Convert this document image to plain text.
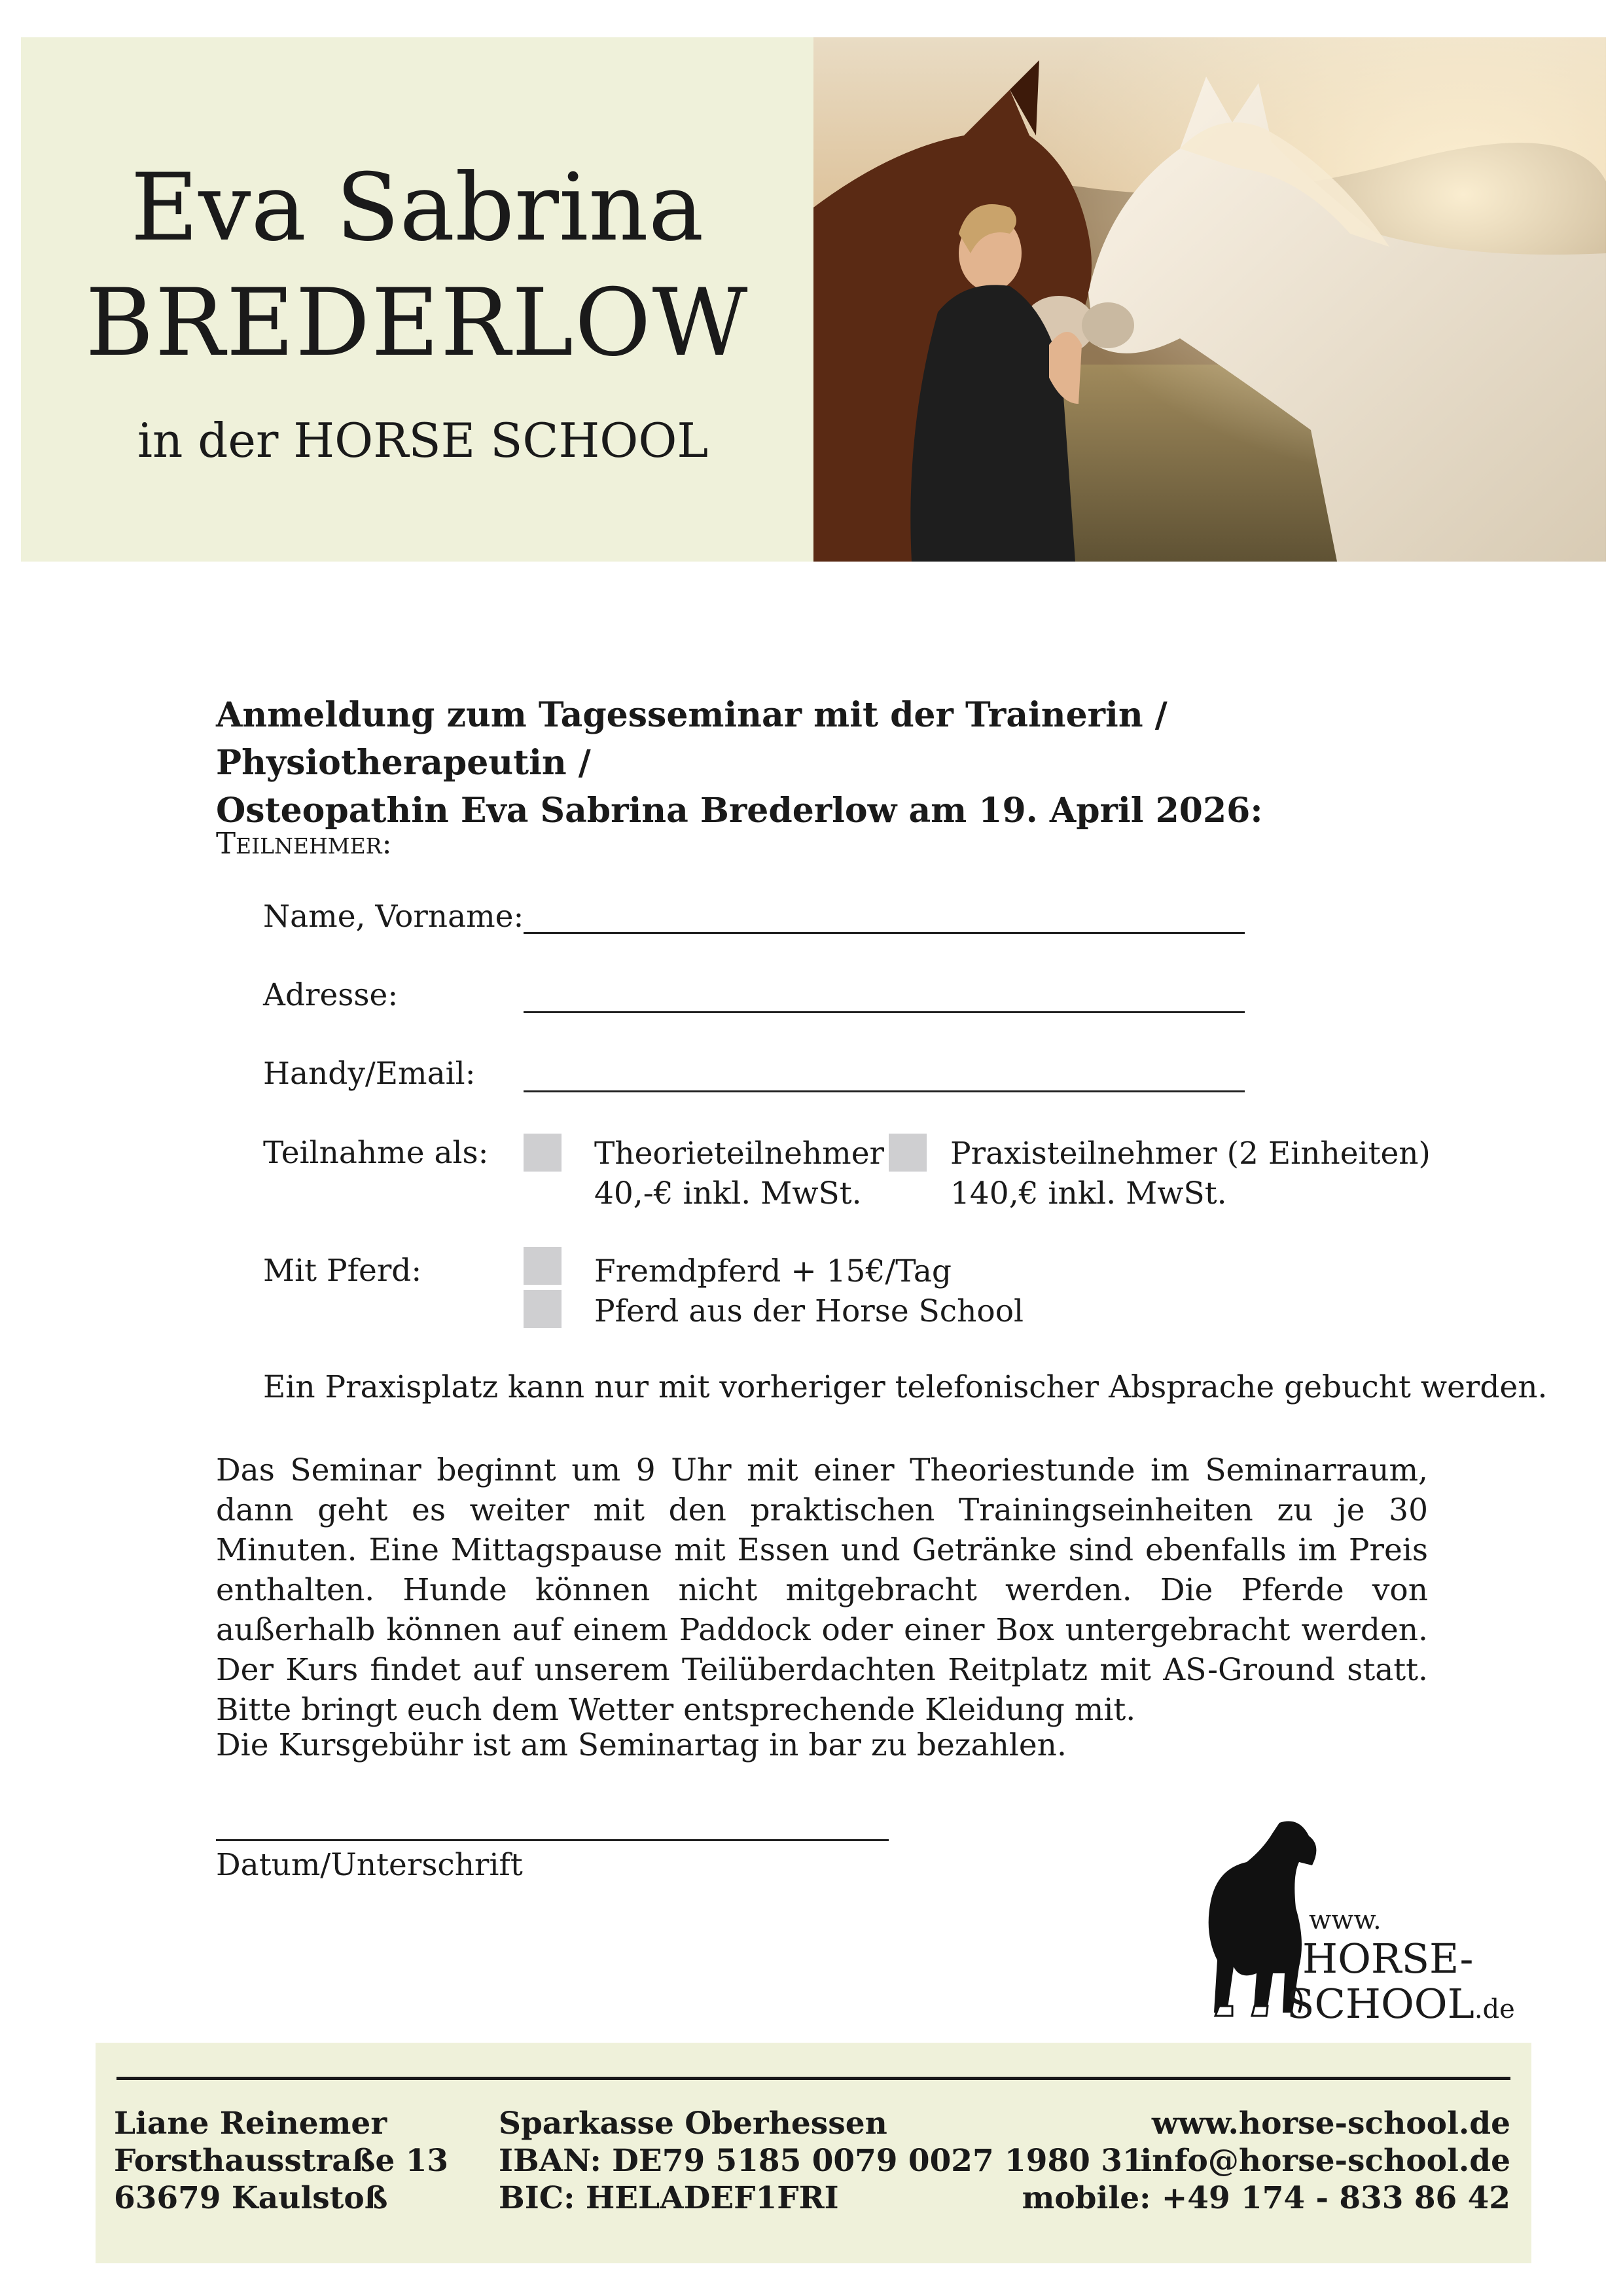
Eva Sabrina
BREDERLOW
in der HORSE SCHOOL
Anmeldung zum Tagesseminar mit der Trainerin / Physiotherapeutin /
Osteopathin Eva Sabrina Brederlow am 19. April 2026:
TEILNEHMER:
Name, Vorname:
Adresse:
Handy/Email:
Teilnahme als:	Theorieteilnehmer
40,-€ inkl. MwSt.
Praxisteilnehmer (2 Einheiten)
140,€ inkl. MwSt.
Mit Pferd:	Fremdpferd + 15€/Tag
Pferd aus der Horse School
Ein Praxisplatz kann nur mit vorheriger telefonischer Absprache gebucht werden.
Das Seminar beginnt um 9 Uhr mit einer Theoriestunde im Seminarraum, dann geht es weiter mit den praktischen Trainingseinheiten zu je 30 Minuten. Eine Mittagspause mit Essen und Getränke sind ebenfalls im Preis enthalten. Hunde können nicht mitgebracht werden. Die Pferde von außerhalb können auf einem Paddock oder einer Box untergebracht werden. Der Kurs findet auf unserem Teilüberdachten Reitplatz mit AS-Ground statt. Bitte bringt euch dem Wetter entsprechende Kleidung mit.
Die Kursgebühr ist am Seminartag in bar zu bezahlen.
Datum/Unterschrift
www.
HORSE-
SCHOOL.de
Liane Reinemer
Forsthausstraße 13
63679 Kaulstoß
Sparkasse Oberhessen
IBAN: DE79 5185 0079 0027 1980 31
BIC: HELADEF1FRI
www.horse-school.de
info@horse-school.de
mobile: +49 174 - 833 86 42
